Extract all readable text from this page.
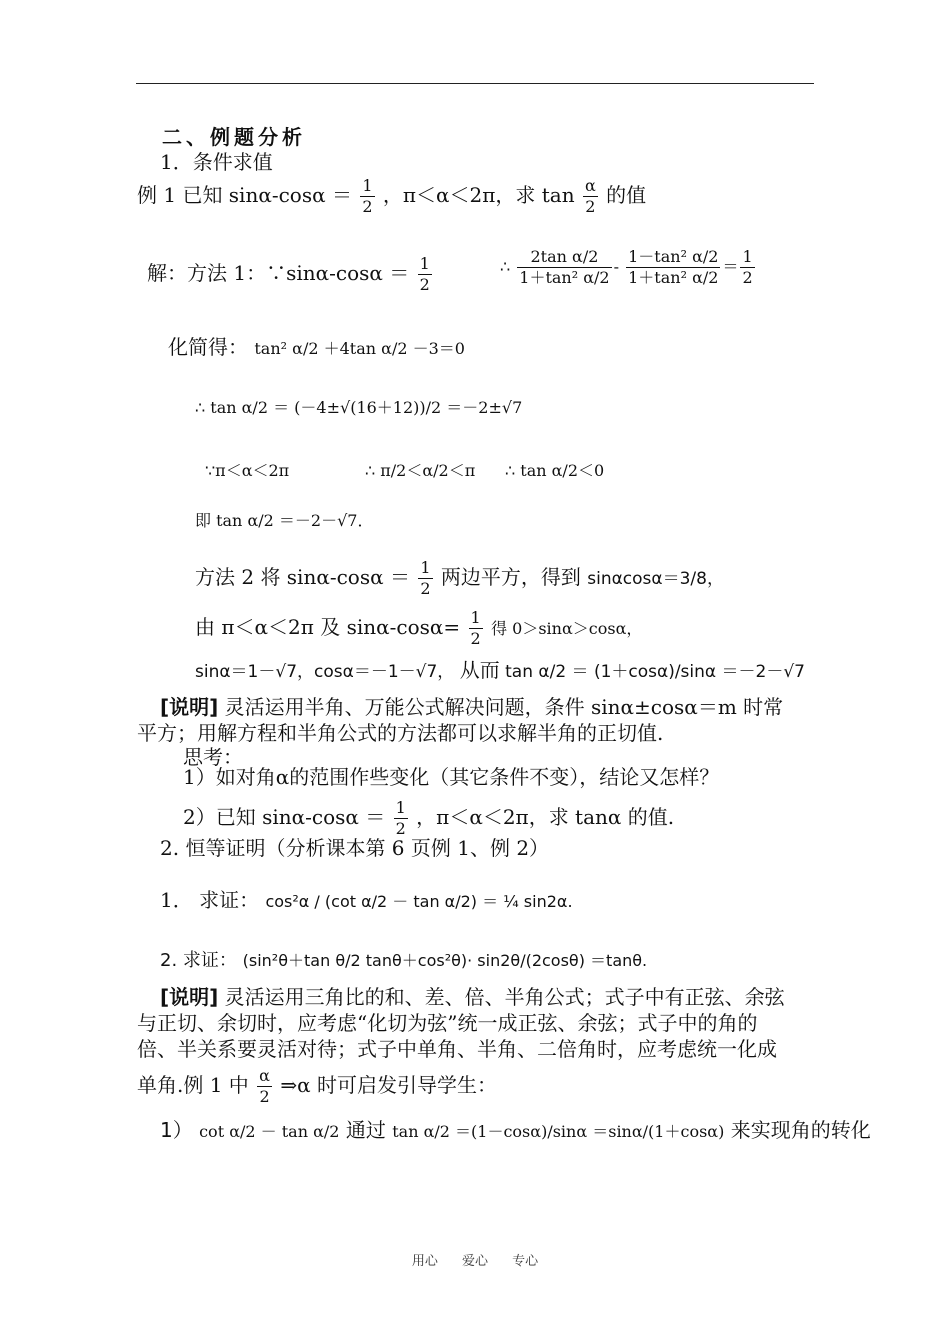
二、例题分析
1．条件求值
例 1 已知 $\sin\alpha-\cos\alpha = \frac{1}{2}$ ，π＜α＜2π，求 $\tan \frac{\alpha}{2}$ 的值
解：方法 1：∵sinα-cosα ＝ $\frac{1}{2}$	∴ $\frac{\text{2tan α/2}}{\text{1＋tan² α/2}} - \frac{\text{1－tan² α/2}}{\text{1＋tan² α/2}} = \frac{1}{2}$
化简得： tan² α/2 ＋4tan α/2 －3＝0
∴ tan α/2 ＝ (－4±√(16＋12))/2 ＝－2±√7
∵π＜α＜2π	∴ π/2＜α/2＜π ∴ tan α/2＜0
即 tan α/2 ＝－2－√7．
方法 2 将 $\sin\alpha-\cos\alpha = \frac{1}{2}$ 两边平方，得到 sinαcosα＝3/8，
由 π＜α＜2π 及 $\sin\alpha-\cos\alpha= \frac{1}{2}$ 得 0＞sinα＞cosα，
sinα＝1－√7，cosα＝－1－√7， 从而 tan α/2 ＝ (1＋cosα)/sinα ＝－2－√7
[说明] 灵活运用半角、万能公式解决问题，条件 sinα±cosα＝m 时常
平方；用解方程和半角公式的方法都可以求解半角的正切值.
思考：
1）如对角α的范围作些变化（其它条件不变），结论又怎样？
2）已知 $\sin\alpha-\cos\alpha = \frac{1}{2}$ ，π＜α＜2π，求 tanα 的值.
2. 恒等证明（分析课本第 6 页例 1、例 2）
1． 求证： cos²α / (cot α/2 － tan α/2) ＝ ¼ sin2α.
2. 求证： (sin²θ＋tan θ/2 tanθ＋cos²θ)· sin2θ/(2cosθ) ＝tanθ.
[说明] 灵活运用三角比的和、差、倍、半角公式；式子中有正弦、余弦
与正切、余切时，应考虑“化切为弦”统一成正弦、余弦；式子中的角的
倍、半关系要灵活对待；式子中单角、半角、二倍角时，应考虑统一化成
单角.例 1 中 $\frac{\alpha}{2}$ ⇒α 时可启发引导学生：
1） cot α/2 － tan α/2 通过 tan α/2 ＝(1－cosα)/sinα ＝sinα/(1＋cosα) 来实现角的转化
用心 爱心 专心
